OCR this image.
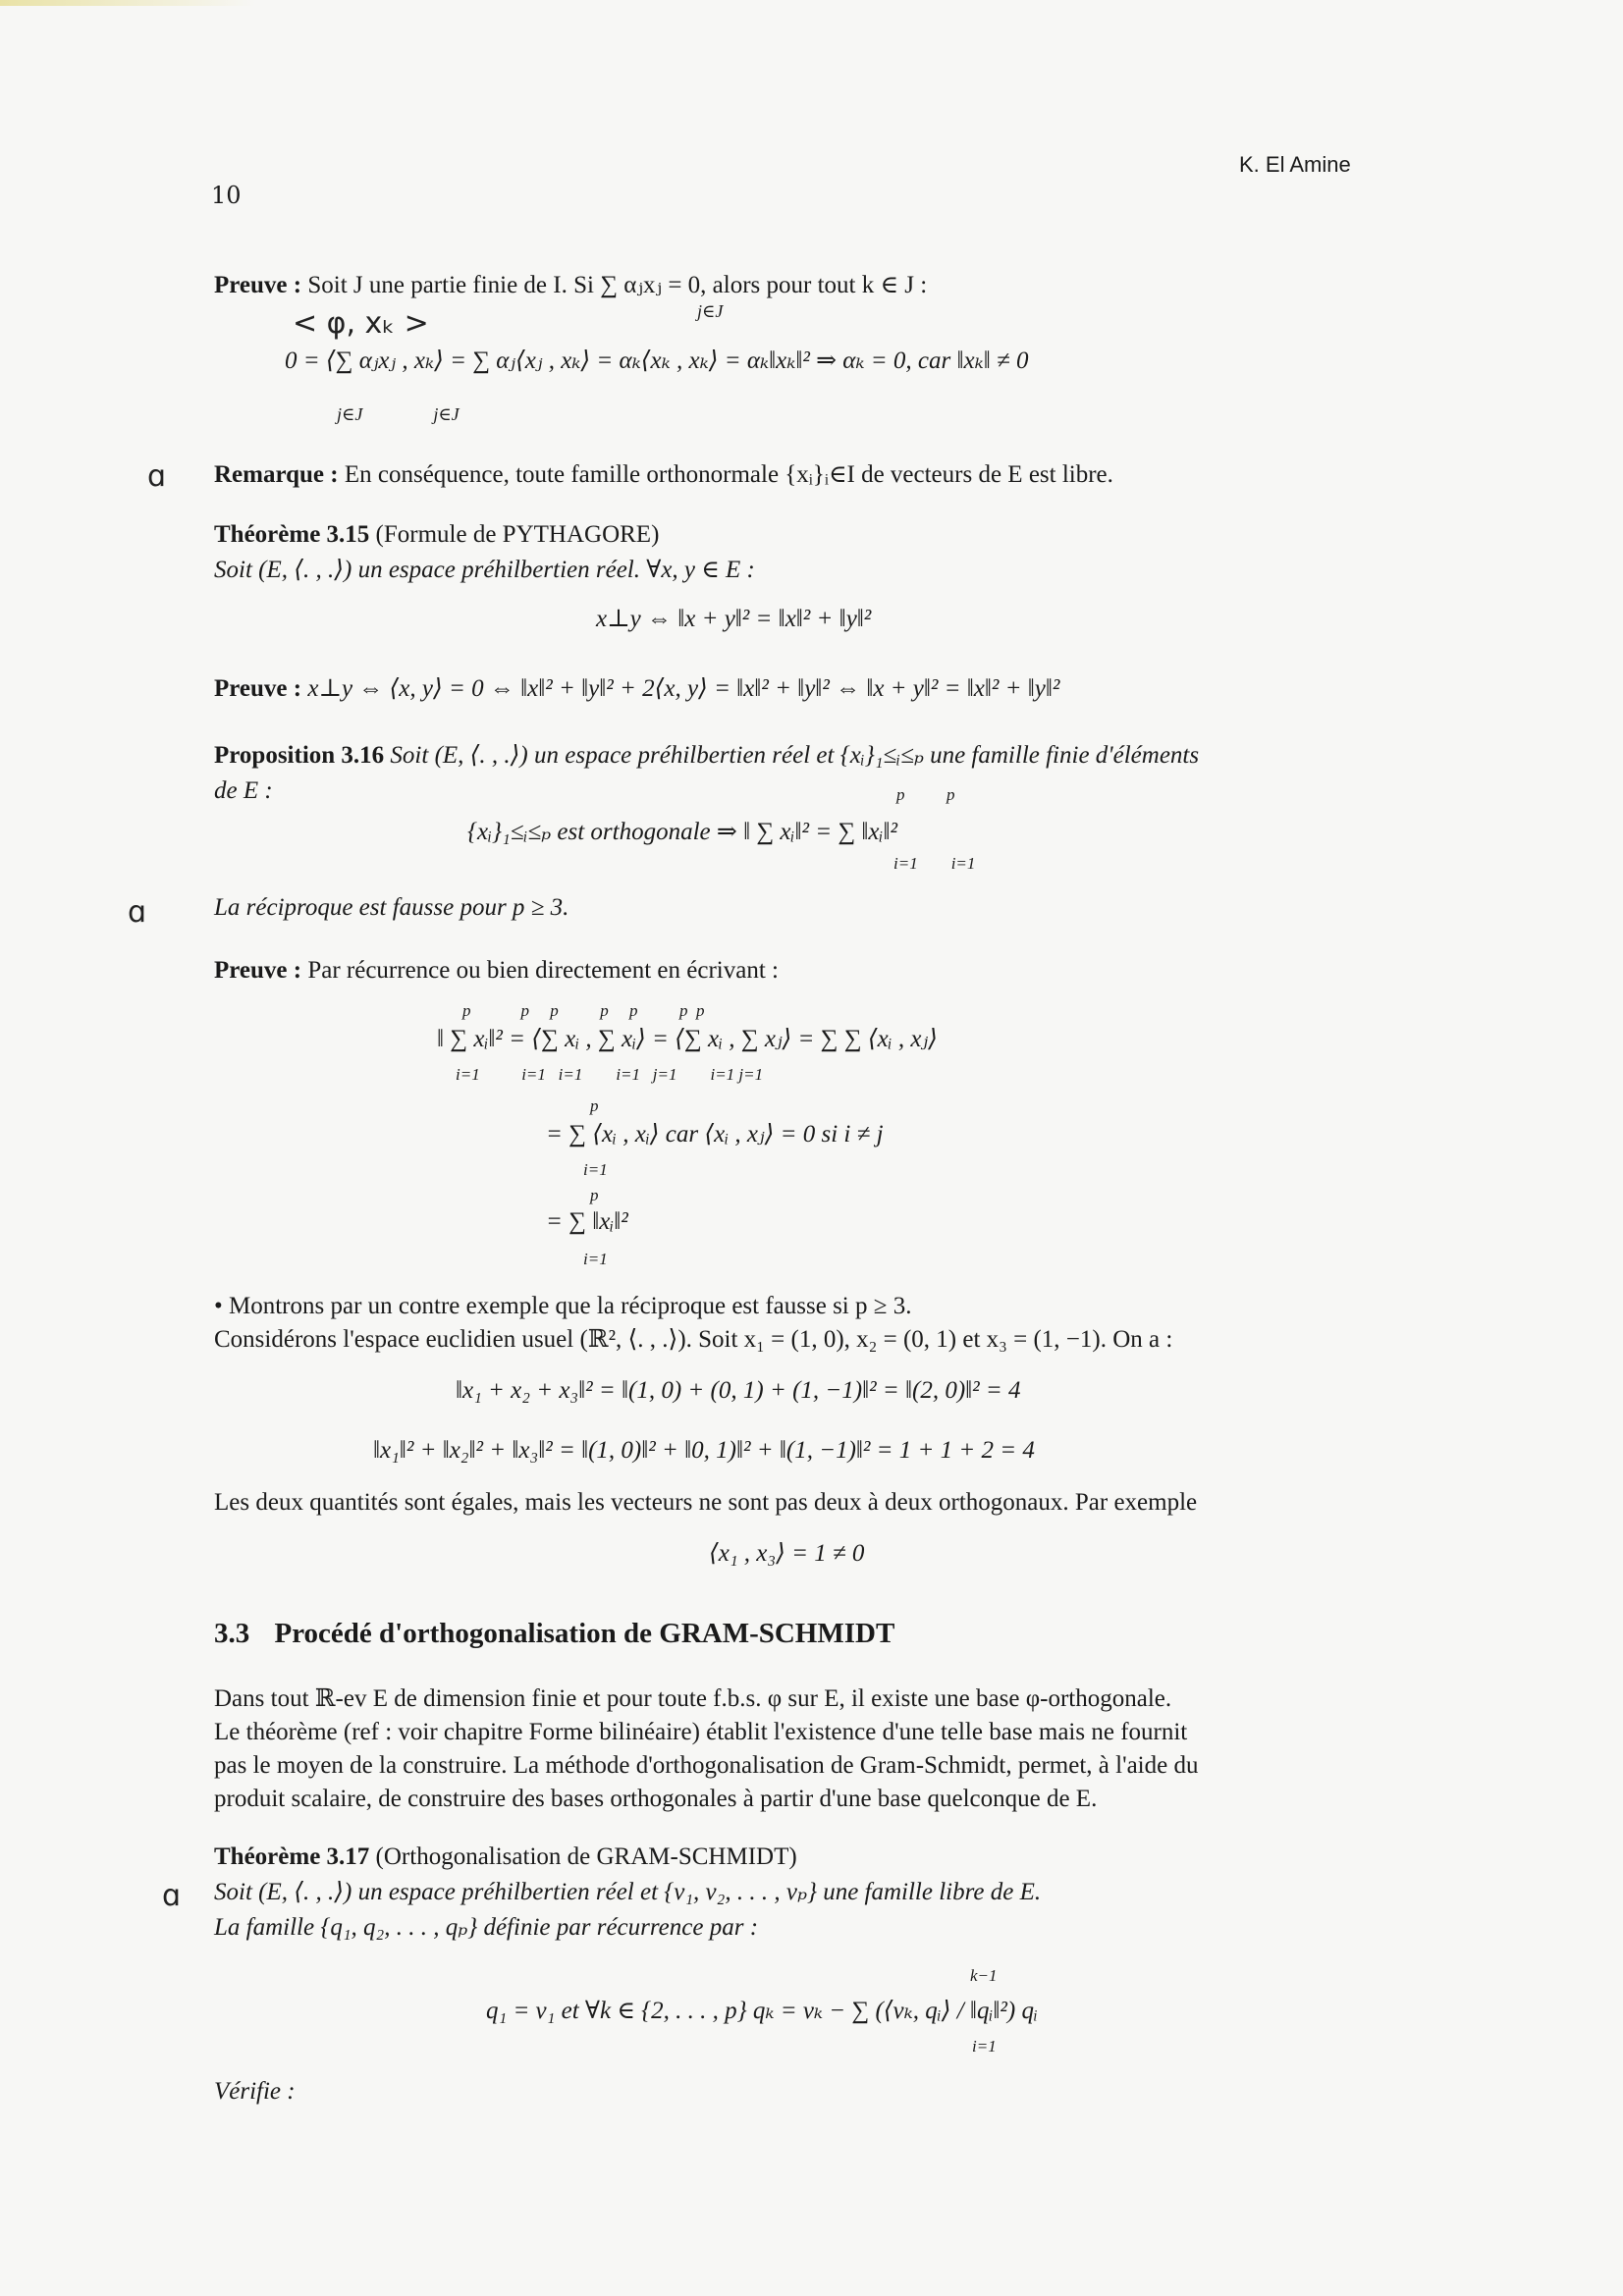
K. El Amine
10
Preuve : Soit J une partie finie de I. Si ∑ αⱼxⱼ = 0, alors pour tout k ∈ J :
j∈J
< φ, xₖ >
0 = ⟨∑ αⱼxⱼ , xₖ⟩ = ∑ αⱼ⟨xⱼ , xₖ⟩ = αₖ⟨xₖ , xₖ⟩ = αₖ‖xₖ‖² ⇒ αₖ = 0, car ‖xₖ‖ ≠ 0
j∈J                j∈J
ɑ Remarque : En conséquence, toute famille orthonormale {xᵢ}ᵢ∈I de vecteurs de E est libre.
Théorème 3.15 (Formule de PYTHAGORE)
Soit (E, ⟨. , .⟩) un espace préhilbertien réel. ∀x, y ∈ E :
x⊥y ⇔ ‖x + y‖² = ‖x‖² + ‖y‖²
Preuve : x⊥y ⇔ ⟨x, y⟩ = 0 ⇔ ‖x‖² + ‖y‖² + 2⟨x, y⟩ = ‖x‖² + ‖y‖² ⇔ ‖x + y‖² = ‖x‖² + ‖y‖²
Proposition 3.16 Soit (E, ⟨. , .⟩) un espace préhilbertien réel et {xᵢ}₁≤ᵢ≤ₚ une famille finie d'éléments
de E :	p          p
{xᵢ}₁≤ᵢ≤ₚ est orthogonale ⇒ ‖ ∑ xᵢ‖² = ∑ ‖xᵢ‖²
i=1        i=1
ɑ	La réciproque est fausse pour p ≥ 3.
Preuve : Par récurrence ou bien directement en écrivant :
p            p     p          p     p          p  p
‖ ∑ xᵢ‖² = ⟨∑ xᵢ , ∑ xᵢ⟩ = ⟨∑ xᵢ , ∑ xⱼ⟩ = ∑ ∑ ⟨xᵢ , xⱼ⟩
i=1          i=1   i=1        i=1   j=1        i=1 j=1
p
= ∑ ⟨xᵢ , xᵢ⟩ car ⟨xᵢ , xⱼ⟩ = 0 si i ≠ j
i=1
p
= ∑ ‖xᵢ‖²
i=1
• Montrons par un contre exemple que la réciproque est fausse si p ≥ 3.
Considérons l'espace euclidien usuel (ℝ², ⟨. , .⟩). Soit x₁ = (1, 0), x₂ = (0, 1) et x₃ = (1, −1). On a :
‖x₁ + x₂ + x₃‖² = ‖(1, 0) + (0, 1) + (1, −1)‖² = ‖(2, 0)‖² = 4
‖x₁‖² + ‖x₂‖² + ‖x₃‖² = ‖(1, 0)‖² + ‖0, 1)‖² + ‖(1, −1)‖² = 1 + 1 + 2 = 4
Les deux quantités sont égales, mais les vecteurs ne sont pas deux à deux orthogonaux. Par exemple
⟨x₁ , x₃⟩ = 1 ≠ 0
3.3 Procédé d'orthogonalisation de GRAM-SCHMIDT
Dans tout ℝ-ev E de dimension finie et pour toute f.b.s. φ sur E, il existe une base φ-orthogonale.
Le théorème (ref : voir chapitre Forme bilinéaire) établit l'existence d'une telle base mais ne fournit
pas le moyen de la construire. La méthode d'orthogonalisation de Gram-Schmidt, permet, à l'aide du
produit scalaire, de construire des bases orthogonales à partir d'une base quelconque de E.
Théorème 3.17 (Orthogonalisation de GRAM-SCHMIDT)
ɑ Soit (E, ⟨. , .⟩) un espace préhilbertien réel et {v₁, v₂, . . . , vₚ} une famille libre de E.
La famille {q₁, q₂, . . . , qₚ} définie par récurrence par :
k−1
q₁ = v₁ et ∀k ∈ {2, . . . , p} qₖ = vₖ − ∑ (⟨vₖ, qᵢ⟩ / ‖qᵢ‖²) qᵢ
i=1
Vérifie :
